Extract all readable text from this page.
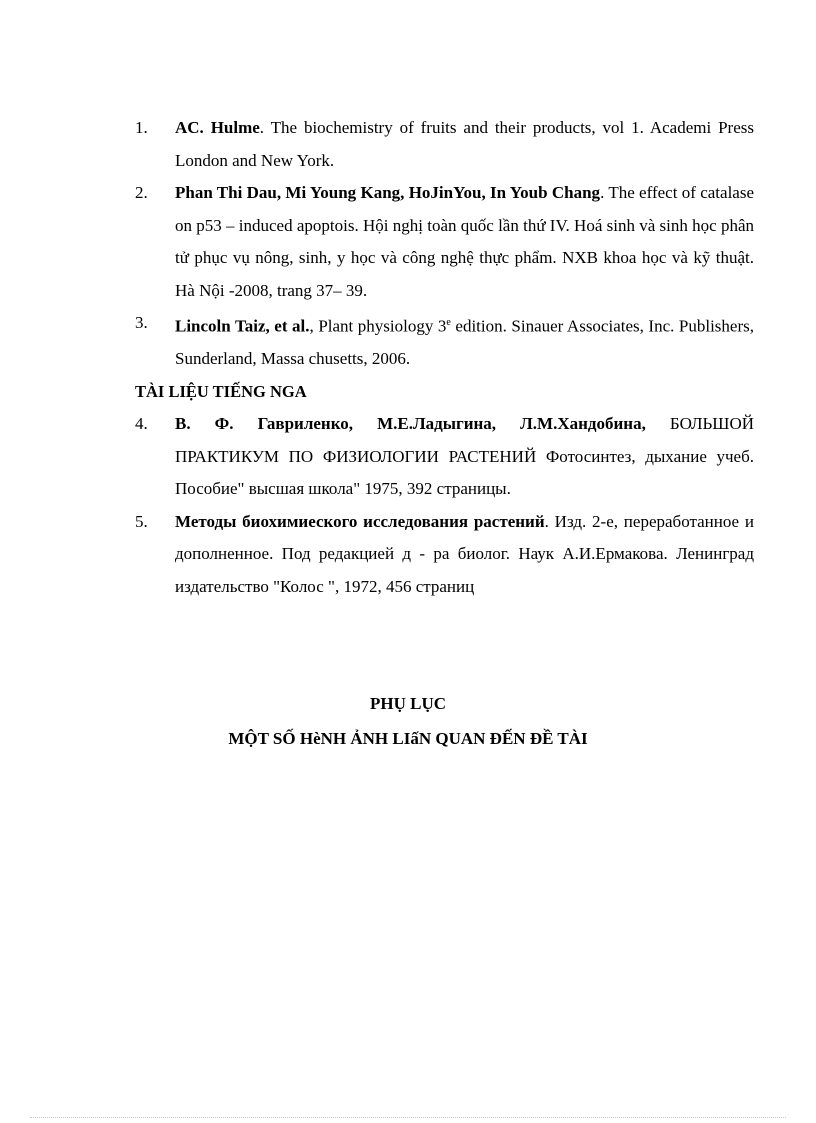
1. AC. Hulme. The biochemistry of fruits and their products, vol 1. Academi Press London and New York.
2. Phan Thi Dau, Mi Young Kang, HoJinYou, In Youb Chang. The effect of catalase on p53 – induced apoptois. Hội nghị toàn quốc lần thứ IV. Hoá sinh và sinh học phân tử phục vụ nông, sinh, y học và công nghệ thực phẩm. NXB khoa học và kỹ thuật. Hà Nội -2008, trang 37– 39.
3. Lincoln Taiz, et al., Plant physiology 3e edition. Sinauer Associates, Inc. Publishers, Sunderland, Massa chusetts, 2006.
TÀI LIỆU TIẾNG NGA
4. В. Ф. Гавриленко, М.Е.Ладыгина, Л.М.Хандобина, БОЛЬШОЙ ПРАКТИКУМ ПО ФИЗИОЛОГИИ РАСТЕНИЙ Фотосинтез, дыхание учеб. Пособие" высшая школа" 1975, 392 страницы.
5. Методы биохимиеского исследования растений. Изд. 2-е, переработанное и дополненное. Под редакцией д - ра биолог. Наук А.И.Ермакова. Ленинград издательство "Колос ", 1972, 456 страниц
PHỤ LỤC
MỘT SỐ HèNH ẢNH LIấN QUAN ĐẾN ĐỀ TÀI
